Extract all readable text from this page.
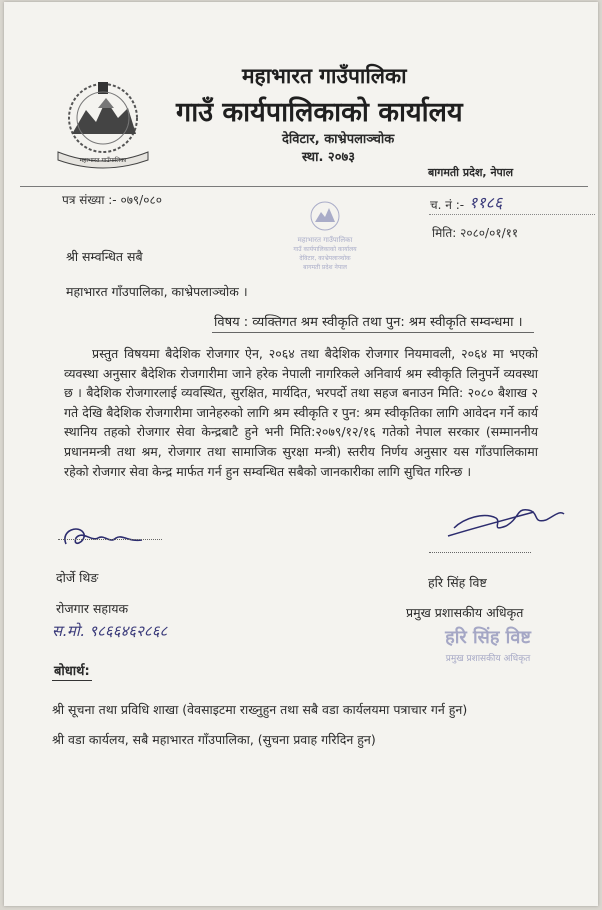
महाभारत गाउँपालिका
महाभारत गाउँपालिका
गाउँ कार्यपालिकाको कार्यालय
देविटार, काभ्रेपलाञ्चोक
स्था. २०७३
बागमती प्रदेश, नेपाल
पत्र संख्या :- ०७९/०८०	च. नं :- ११८६
मिति: २०८०/०१/११
महाभारत गाउँपालिका
गाउँ कार्यपालिकाको कार्यालय
देविटार, काभ्रेपलाञ्चोक
बागमती प्रदेश नेपाल
श्री सम्वन्धित सबै
महाभारत गाँउपालिका, काभ्रेपलाञ्चोक ।
विषय : व्यक्तिगत श्रम स्वीकृति तथा पुन: श्रम स्वीकृति सम्वन्धमा ।
प्रस्तुत विषयमा बैदेशिक रोजगार ऐन, २०६४ तथा बैदेशिक रोजगार नियमावली, २०६४ मा भएको व्यवस्था अनुसार बैदेशिक रोजगारीमा जाने हरेक नेपाली नागरिकले अनिवार्य श्रम स्वीकृति लिनुपर्ने व्यवस्था छ । बैदेशिक रोजगारलाई व्यवस्थित, सुरक्षित, मार्यदित, भरपर्दो तथा सहज बनाउन मिति: २०८० बैशाख २ गते देखि बैदेशिक रोजगारीमा जानेहरुको लागि श्रम स्वीकृति र पुन: श्रम स्वीकृतिका लागि आवेदन गर्ने कार्य स्थानिय तहको रोजगार सेवा केन्द्रबाटै हुने भनी मिति:२०७९/१२/१६ गतेको नेपाल सरकार (सम्माननीय प्रधानमन्त्री तथा श्रम, रोजगार तथा सामाजिक सुरक्षा मन्त्री) स्तरीय निर्णय अनुसार यस गाँउपालिकामा रहेको रोजगार सेवा केन्द्र मार्फत गर्न हुन सम्वन्धित सबैको जानकारीका लागि सुचित गरिन्छ ।
दोर्जे थिङ	हरि सिंह विष्ट
रोजगार सहायक	प्रमुख प्रशासकीय अधिकृत
स.मो. ९८६६४६२८६८	हरि सिंह विष्ट
प्रमुख प्रशासकीय अधिकृत
बोधार्थ:
श्री सूचना तथा प्रविधि शाखा (वेवसाइटमा राख्नुहुन तथा सबै वडा कार्यलयमा पत्राचार गर्न हुन)
श्री वडा कार्यलय, सबै महाभारत गाँउपालिका, (सुचना प्रवाह गरिदिन हुन)
